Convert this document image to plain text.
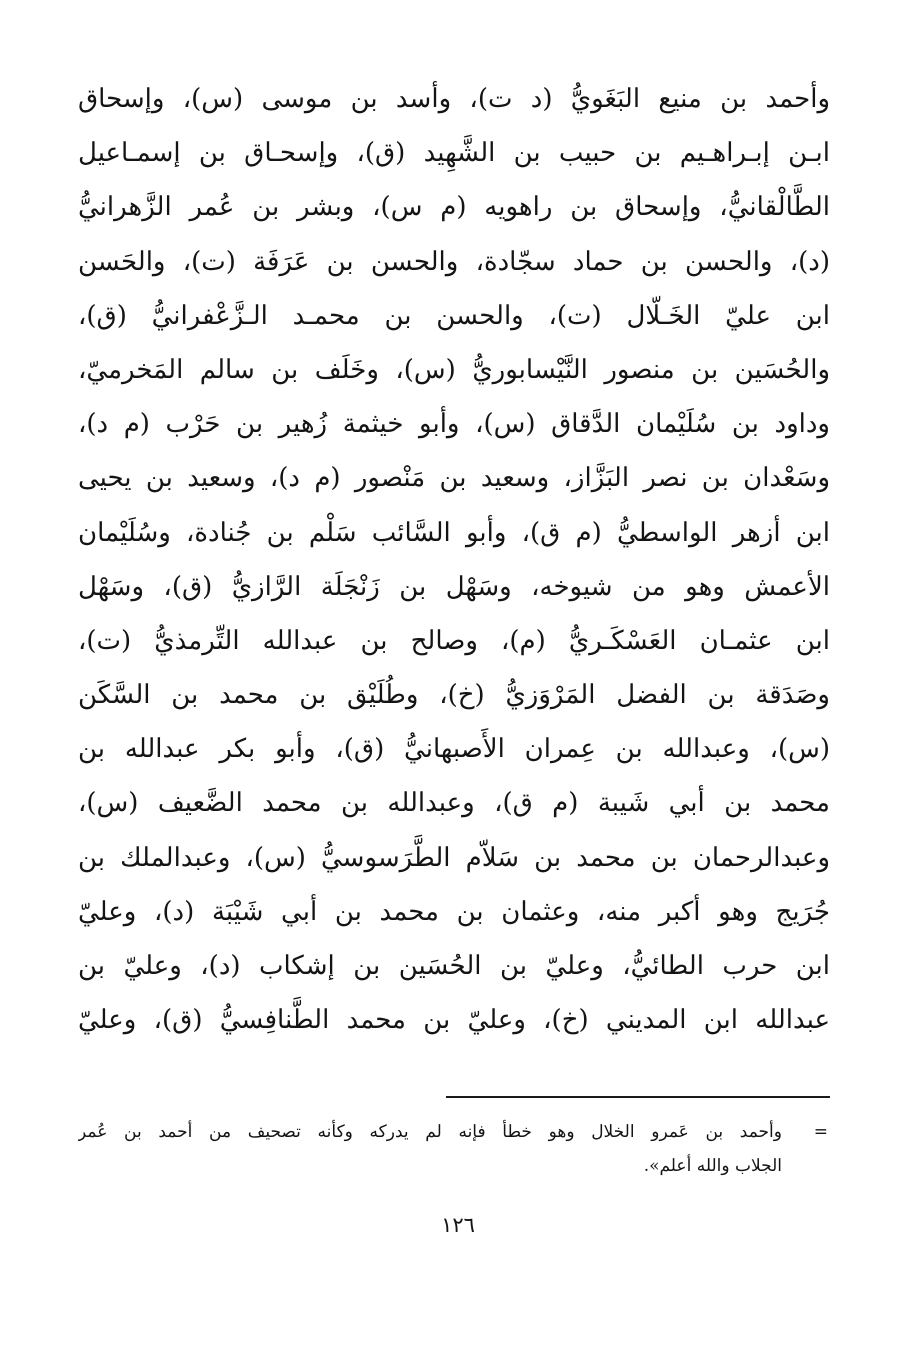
وأحمد بن منيع البَغَويُّ (د ت)، وأسد بن موسى (س)، وإسحاق
ابـن إبـراهـيم بن حبيب بن الشَّهِيد (ق)، وإسحـاق بن إسمـاعيل
الطَّالْقانيُّ، وإسحاق بن راهويه (م س)، وبشر بن عُمر الزَّهرانيُّ
(د)، والحسن بن حماد سجّادة، والحسن بن عَرَفَة (ت)، والحَسن
ابن عليّ الخَـلّال (ت)، والحسن بن محمـد الـزَّعْفرانيُّ (ق)،
والحُسَين بن منصور النَّيْسابوريُّ (س)، وخَلَف بن سالم المَخرميّ،
وداود بن سُلَيْمان الدَّقاق (س)، وأبو خيثمة زُهير بن حَرْب (م د)،
وسَعْدان بن نصر البَزَّاز، وسعيد بن مَنْصور (م د)، وسعيد بن يحيى
ابن أزهر الواسطيُّ (م ق)، وأبو السَّائب سَلْم بن جُنادة، وسُلَيْمان
الأعمش وهو من شيوخه، وسَهْل بن زَنْجَلَة الرَّازيُّ (ق)، وسَهْل
ابن عثمـان العَسْكَـريُّ (م)، وصالح بن عبدالله التِّرمذيُّ (ت)،
وصَدَقة بن الفضل المَرْوَزيُّ (خ)، وطُلَيْق بن محمد بن السَّكَن
(س)، وعبدالله بن عِمران الأَصبهانيُّ (ق)، وأبو بكر عبدالله بن
محمد بن أبي شَيبة (م ق)، وعبدالله بن محمد الضَّعيف (س)،
وعبدالرحمان بن محمد بن سَلاّم الطَّرَسوسيُّ (س)، وعبدالملك بن
جُرَيج وهو أكبر منه، وعثمان بن محمد بن أبي شَيْبَة (د)، وعليّ
ابن حرب الطائيُّ، وعليّ بن الحُسَين بن إشكاب (د)، وعليّ بن
عبدالله ابن المديني (خ)، وعليّ بن محمد الطَّنافِسيُّ (ق)، وعليّ
=
وأحمد بن عَمرو الخلال وهو خطأ فإنه لم يدركه وكأنه تصحيف من أحمد بن عُمر
الجلاب والله أعلم».
١٢٦
